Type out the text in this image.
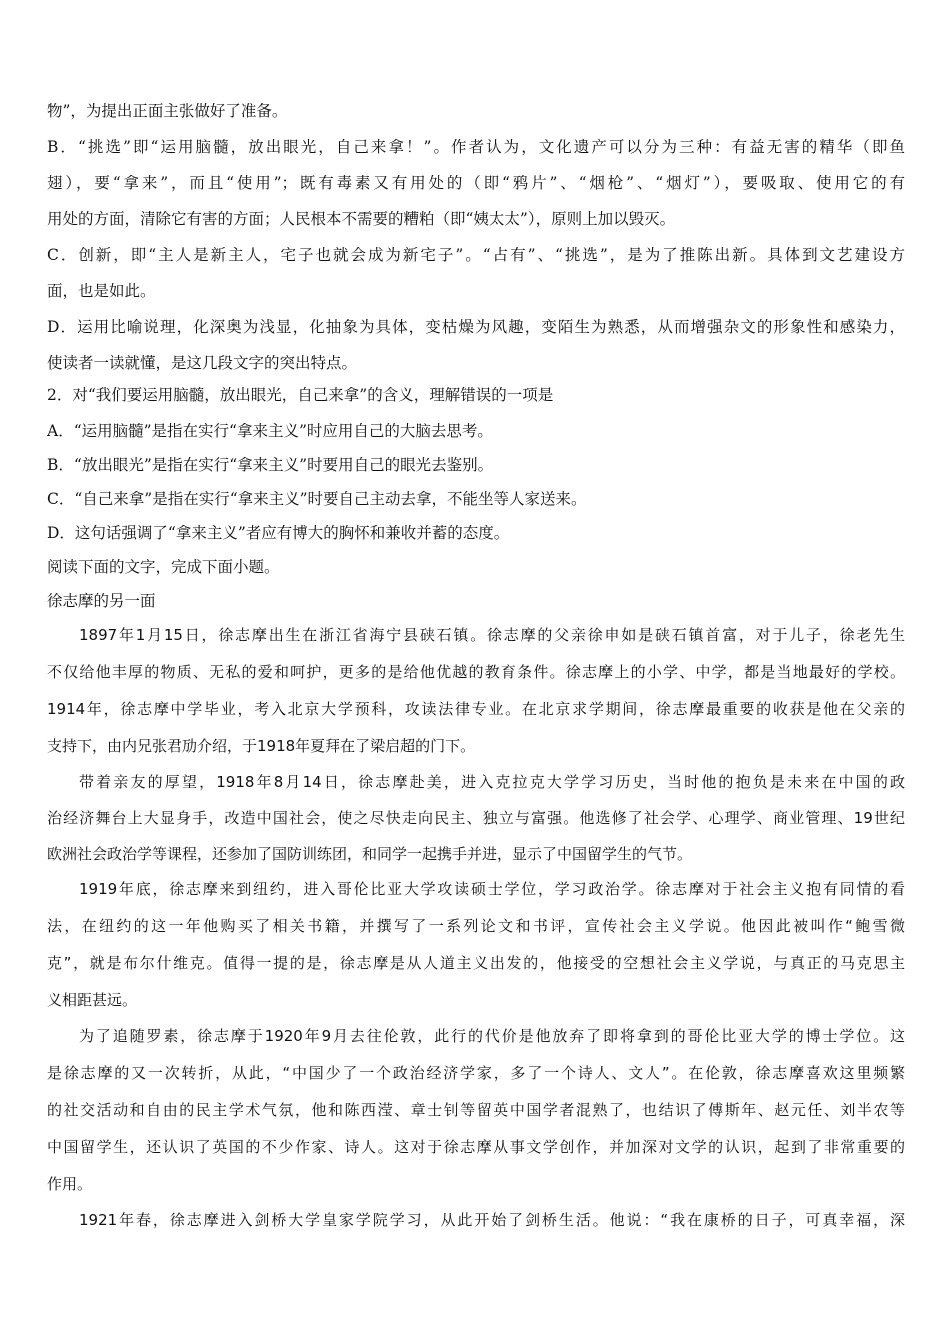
物”，为提出正面主张做好了准备。
B．“挑选”即“运用脑髓，放出眼光，自己来拿！”。作者认为，文化遗产可以分为三种：有益无害的精华（即鱼
翅），要“拿来”，而且“使用”；既有毒素又有用处的（即“鸦片”、“烟枪”、“烟灯”），要吸取、使用它的有
用处的方面，清除它有害的方面；人民根本不需要的糟粕（即“姨太太”），原则上加以毁灭。
C．创新，即“主人是新主人，宅子也就会成为新宅子”。“占有”、“挑选”，是为了推陈出新。具体到文艺建设方
面，也是如此。
D．运用比喻说理，化深奥为浅显，化抽象为具体，变枯燥为风趣，变陌生为熟悉，从而增强杂文的形象性和感染力，
使读者一读就懂，是这几段文字的突出特点。
2．对“我们要运用脑髓，放出眼光，自己来拿”的含义，理解错误的一项是
A．“运用脑髓”是指在实行“拿来主义”时应用自己的大脑去思考。
B．“放出眼光”是指在实行“拿来主义”时要用自己的眼光去鉴别。
C．“自己来拿”是指在实行“拿来主义”时要自己主动去拿，不能坐等人家送来。
D．这句话强调了“拿来主义”者应有博大的胸怀和兼收并蓄的态度。
阅读下面的文字，完成下面小题。
徐志摩的另一面
1897年1月15日，徐志摩出生在浙江省海宁县硖石镇。徐志摩的父亲徐申如是硖石镇首富，对于儿子，徐老先生
不仅给他丰厚的物质、无私的爱和呵护，更多的是给他优越的教育条件。徐志摩上的小学、中学，都是当地最好的学校。
1914年，徐志摩中学毕业，考入北京大学预科，攻读法律专业。在北京求学期间，徐志摩最重要的收获是他在父亲的
支持下，由内兄张君劢介绍，于1918年夏拜在了梁启超的门下。
带着亲友的厚望，1918年8月14日，徐志摩赴美，进入克拉克大学学习历史，当时他的抱负是未来在中国的政
治经济舞台上大显身手，改造中国社会，使之尽快走向民主、独立与富强。他选修了社会学、心理学、商业管理、19世纪
欧洲社会政治学等课程，还参加了国防训练团，和同学一起携手并进，显示了中国留学生的气节。
1919年底，徐志摩来到纽约，进入哥伦比亚大学攻读硕士学位，学习政治学。徐志摩对于社会主义抱有同情的看
法，在纽约的这一年他购买了相关书籍，并撰写了一系列论文和书评，宣传社会主义学说。他因此被叫作“鲍雪微
克”，就是布尔什维克。值得一提的是，徐志摩是从人道主义出发的，他接受的空想社会主义学说，与真正的马克思主
义相距甚远。
为了追随罗素，徐志摩于1920年9月去往伦敦，此行的代价是他放弃了即将拿到的哥伦比亚大学的博士学位。这
是徐志摩的又一次转折，从此，“中国少了一个政治经济学家，多了一个诗人、文人”。在伦敦，徐志摩喜欢这里频繁
的社交活动和自由的民主学术气氛，他和陈西滢、章士钊等留英中国学者混熟了，也结识了傅斯年、赵元任、刘半农等
中国留学生，还认识了英国的不少作家、诗人。这对于徐志摩从事文学创作，并加深对文学的认识，起到了非常重要的
作用。
1921年春，徐志摩进入剑桥大学皇家学院学习，从此开始了剑桥生活。他说：“我在康桥的日子，可真幸福，深
